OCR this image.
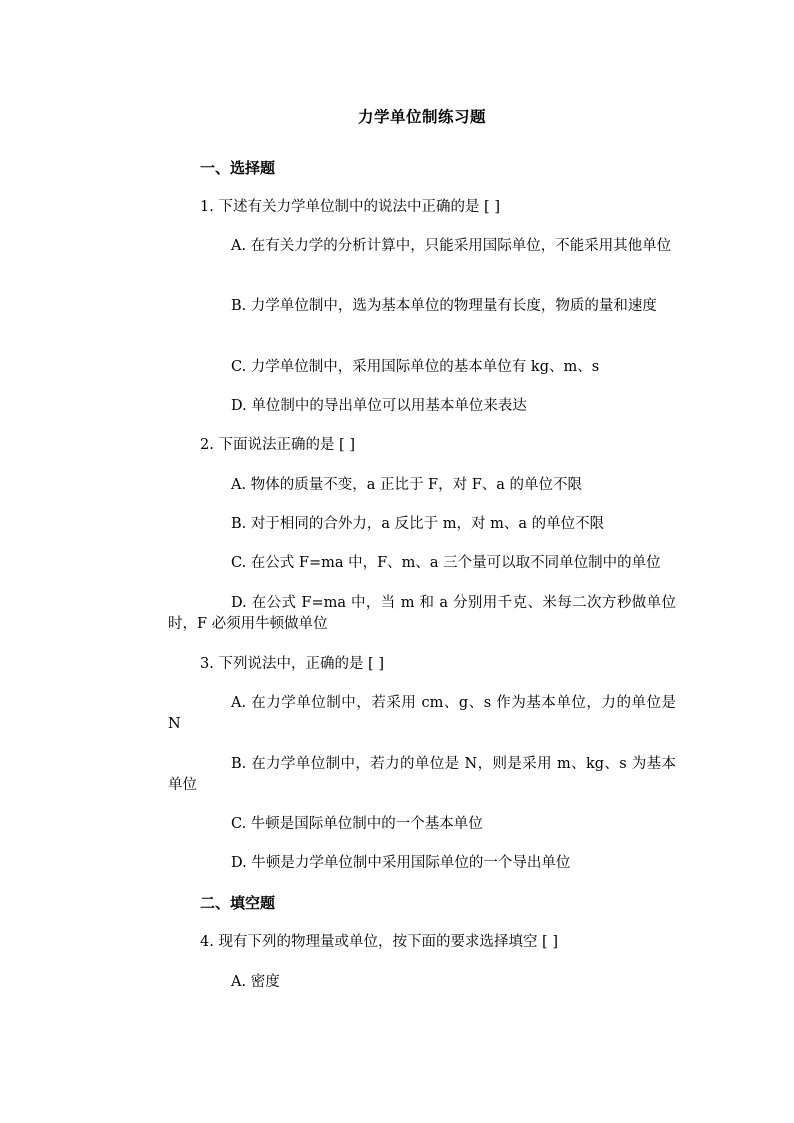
力学单位制练习题
一、选择题
1. 下述有关力学单位制中的说法中正确的是 [ ]
A. 在有关力学的分析计算中，只能采用国际单位，不能采用其他单位
B. 力学单位制中，选为基本单位的物理量有长度，物质的量和速度
C. 力学单位制中，采用国际单位的基本单位有 kg、m、s
D. 单位制中的导出单位可以用基本单位来表达
2. 下面说法正确的是 [ ]
A. 物体的质量不变，a 正比于 F，对 F、a 的单位不限
B. 对于相同的合外力，a 反比于 m，对 m、a 的单位不限
C. 在公式 F=ma 中，F、m、a 三个量可以取不同单位制中的单位
D. 在公式 F=ma 中，当 m 和 a 分别用千克、米每二次方秒做单位时，F 必须用牛顿做单位
3. 下列说法中，正确的是 [ ]
A. 在力学单位制中，若采用 cm、g、s 作为基本单位，力的单位是 N
B. 在力学单位制中，若力的单位是 N，则是采用 m、kg、s 为基本单位
C. 牛顿是国际单位制中的一个基本单位
D. 牛顿是力学单位制中采用国际单位的一个导出单位
二、填空题
4. 现有下列的物理量或单位，按下面的要求选择填空 [ ]
A. 密度
